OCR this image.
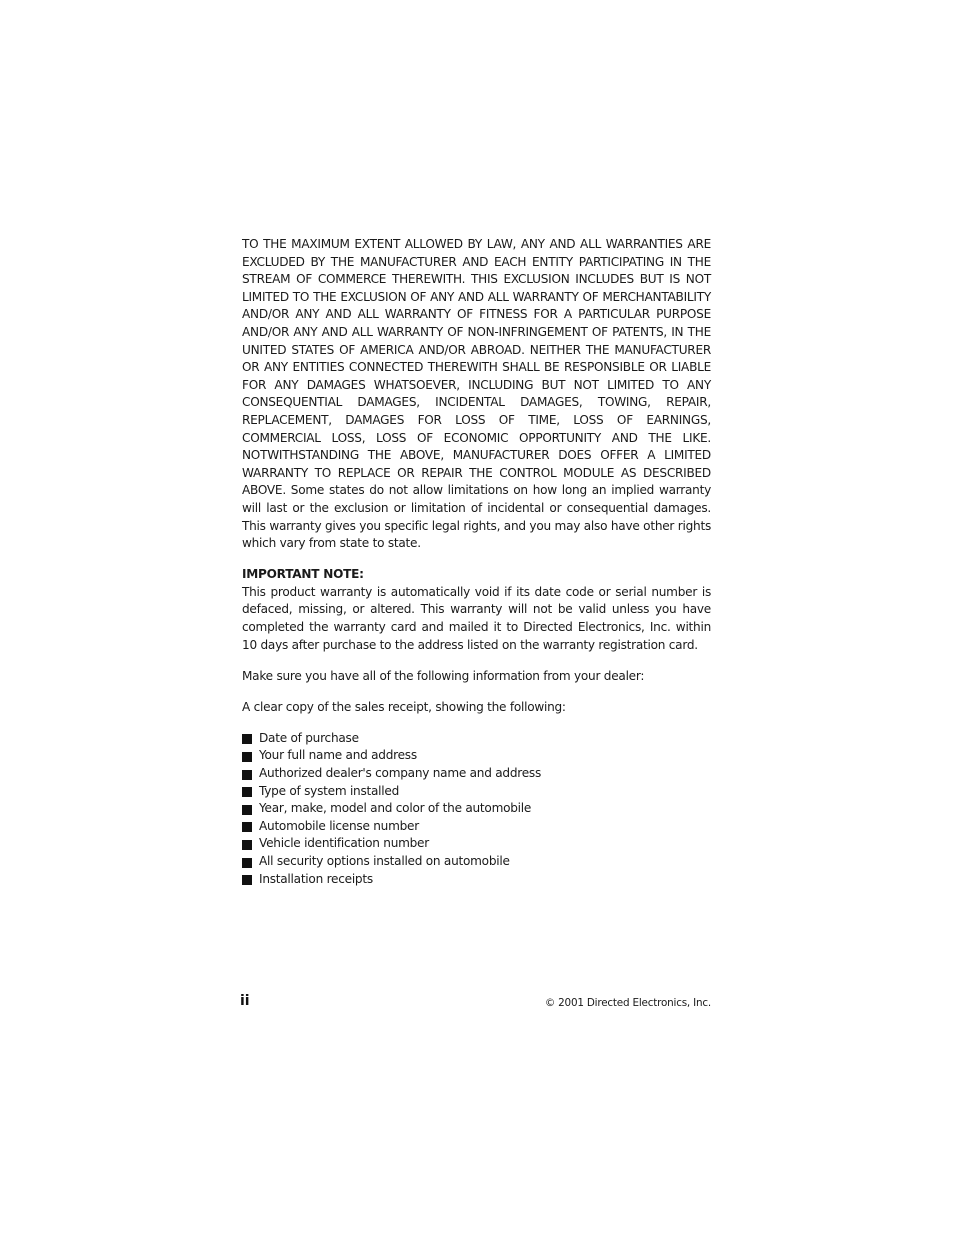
TO THE MAXIMUM EXTENT ALLOWED BY LAW, ANY AND ALL WARRANTIES ARE EXCLUDED BY THE MANUFACTURER AND EACH ENTITY PARTICIPATING IN THE STREAM OF COMMERCE THEREWITH. THIS EXCLUSION INCLUDES BUT IS NOT LIMITED TO THE EXCLUSION OF ANY AND ALL WARRANTY OF MERCHANTABILITY AND/OR ANY AND ALL WARRANTY OF FITNESS FOR A PARTICULAR PURPOSE AND/OR ANY AND ALL WARRANTY OF NON-INFRINGEMENT OF PATENTS, IN THE UNITED STATES OF AMERICA AND/OR ABROAD. NEITHER THE MANUFACTURER OR ANY ENTITIES CONNECTED THEREWITH SHALL BE RESPONSIBLE OR LIABLE FOR ANY DAMAGES WHATSOEVER, INCLUDING BUT NOT LIMITED TO ANY CONSEQUENTIAL DAMAGES, INCIDENTAL DAMAGES, TOWING, REPAIR, REPLACEMENT, DAMAGES FOR LOSS OF TIME, LOSS OF EARNINGS, COMMERCIAL LOSS, LOSS OF ECONOMIC OPPORTUNITY AND THE LIKE. NOTWITHSTANDING THE ABOVE, MANUFACTURER DOES OFFER A LIMITED WARRANTY TO REPLACE OR REPAIR THE CONTROL MODULE AS DESCRIBED ABOVE. Some states do not allow limitations on how long an implied warranty will last or the exclusion or limitation of incidental or consequential damages. This warranty gives you specific legal rights, and you may also have other rights which vary from state to state.

IMPORTANT NOTE:

This product warranty is automatically void if its date code or serial number is defaced, missing, or altered. This warranty will not be valid unless you have completed the warranty card and mailed it to Directed Electronics, Inc. within 10 days after purchase to the address listed on the warranty registration card.

Make sure you have all of the following information from your dealer:

A clear copy of the sales receipt, showing the following:

Date of purchase
Your full name and address
Authorized dealer's company name and address
Type of system installed
Year, make, model and color of the automobile
Automobile license number
Vehicle identification number
All security options installed on automobile
Installation receipts
ii	© 2001 Directed Electronics, Inc.
